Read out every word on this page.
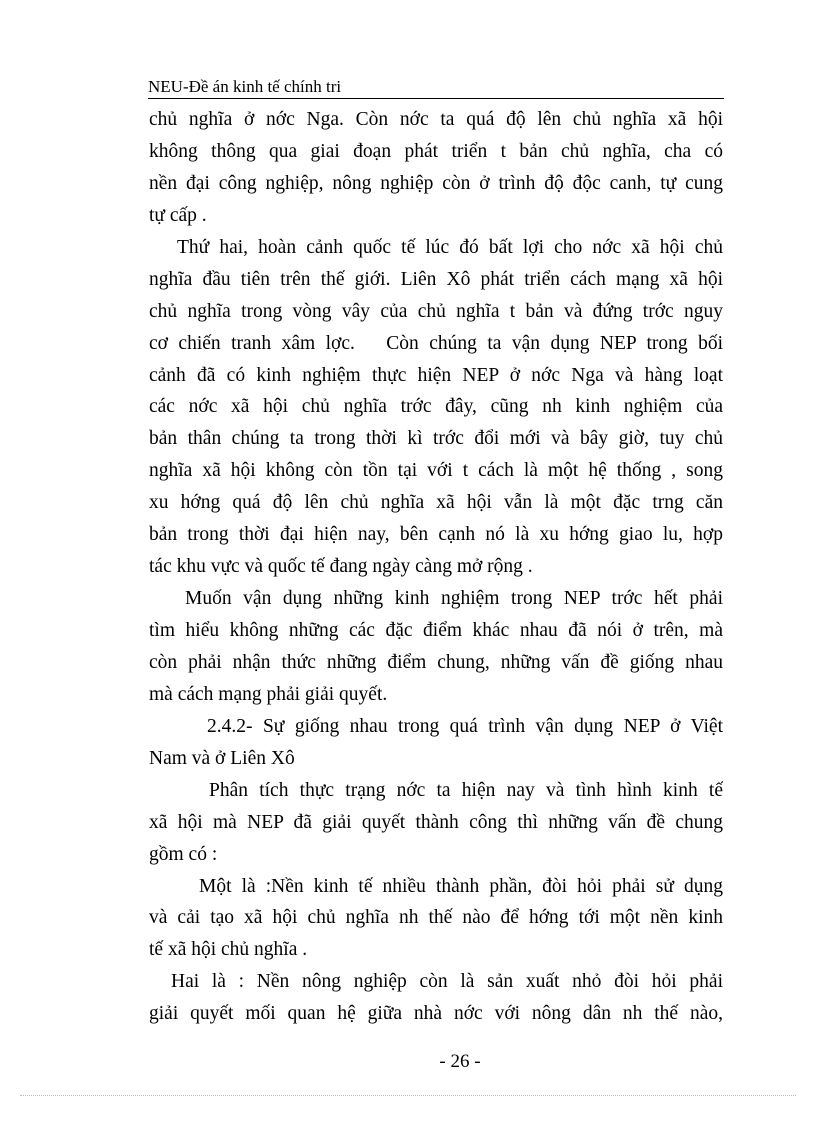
NEU-Đề án kinh tế chính tri
chủ nghĩa ở nớc Nga. Còn nớc ta quá độ lên chủ nghĩa xã hội
không thông qua giai đoạn phát triển t bản chủ nghĩa, cha có
nền đại công nghiệp, nông nghiệp còn ở trình độ độc canh, tự cung
tự cấp .
Thứ hai, hoàn cảnh quốc tế lúc đó bất lợi cho nớc xã hội chủ
nghĩa đầu tiên trên thế giới. Liên Xô phát triển cách mạng xã hội
chủ nghĩa trong vòng vây của chủ nghĩa t bản và đứng trớc nguy
cơ chiến tranh xâm lợc.   Còn chúng ta vận dụng NEP trong bối
cảnh đã có kinh nghiệm thực hiện NEP ở nớc Nga và hàng loạt
các nớc xã hội chủ nghĩa trớc đây, cũng nh kinh nghiệm của
bản thân chúng ta trong thời kì trớc đổi mới và bây giờ, tuy chủ
nghĩa xã hội không còn tồn tại với t cách là một hệ thống , song
xu hớng quá độ lên chủ nghĩa xã hội vẫn là một đặc trng căn
bản trong thời đại hiện nay, bên cạnh nó là xu hớng giao lu, hợp
tác khu vực và quốc tế đang ngày càng mở rộng .
Muốn vận dụng những kinh nghiệm trong NEP trớc hết phải
tìm hiểu không những các đặc điểm khác nhau đã nói ở trên, mà
còn phải nhận thức những điểm chung, những vấn đề giống nhau
mà cách mạng phải giải quyết.
2.4.2- Sự giống nhau trong quá trình vận dụng NEP ở Việt
Nam và ở Liên Xô
Phân tích thực trạng nớc ta hiện nay và tình hình kinh tế
xã hội mà NEP đã giải quyết thành công thì những vấn đề chung
gồm có :
Một là :Nền kinh tế nhiều thành phần, đòi hỏi phải sử dụng
và cải tạo xã hội chủ nghĩa nh thế nào để hớng tới một nền kinh
tế xã hội chủ nghĩa .
Hai là : Nền nông nghiệp còn là sản xuất nhỏ đòi hỏi phải
giải quyết mối quan hệ giữa nhà nớc với nông dân nh thế nào,
- 26 -
